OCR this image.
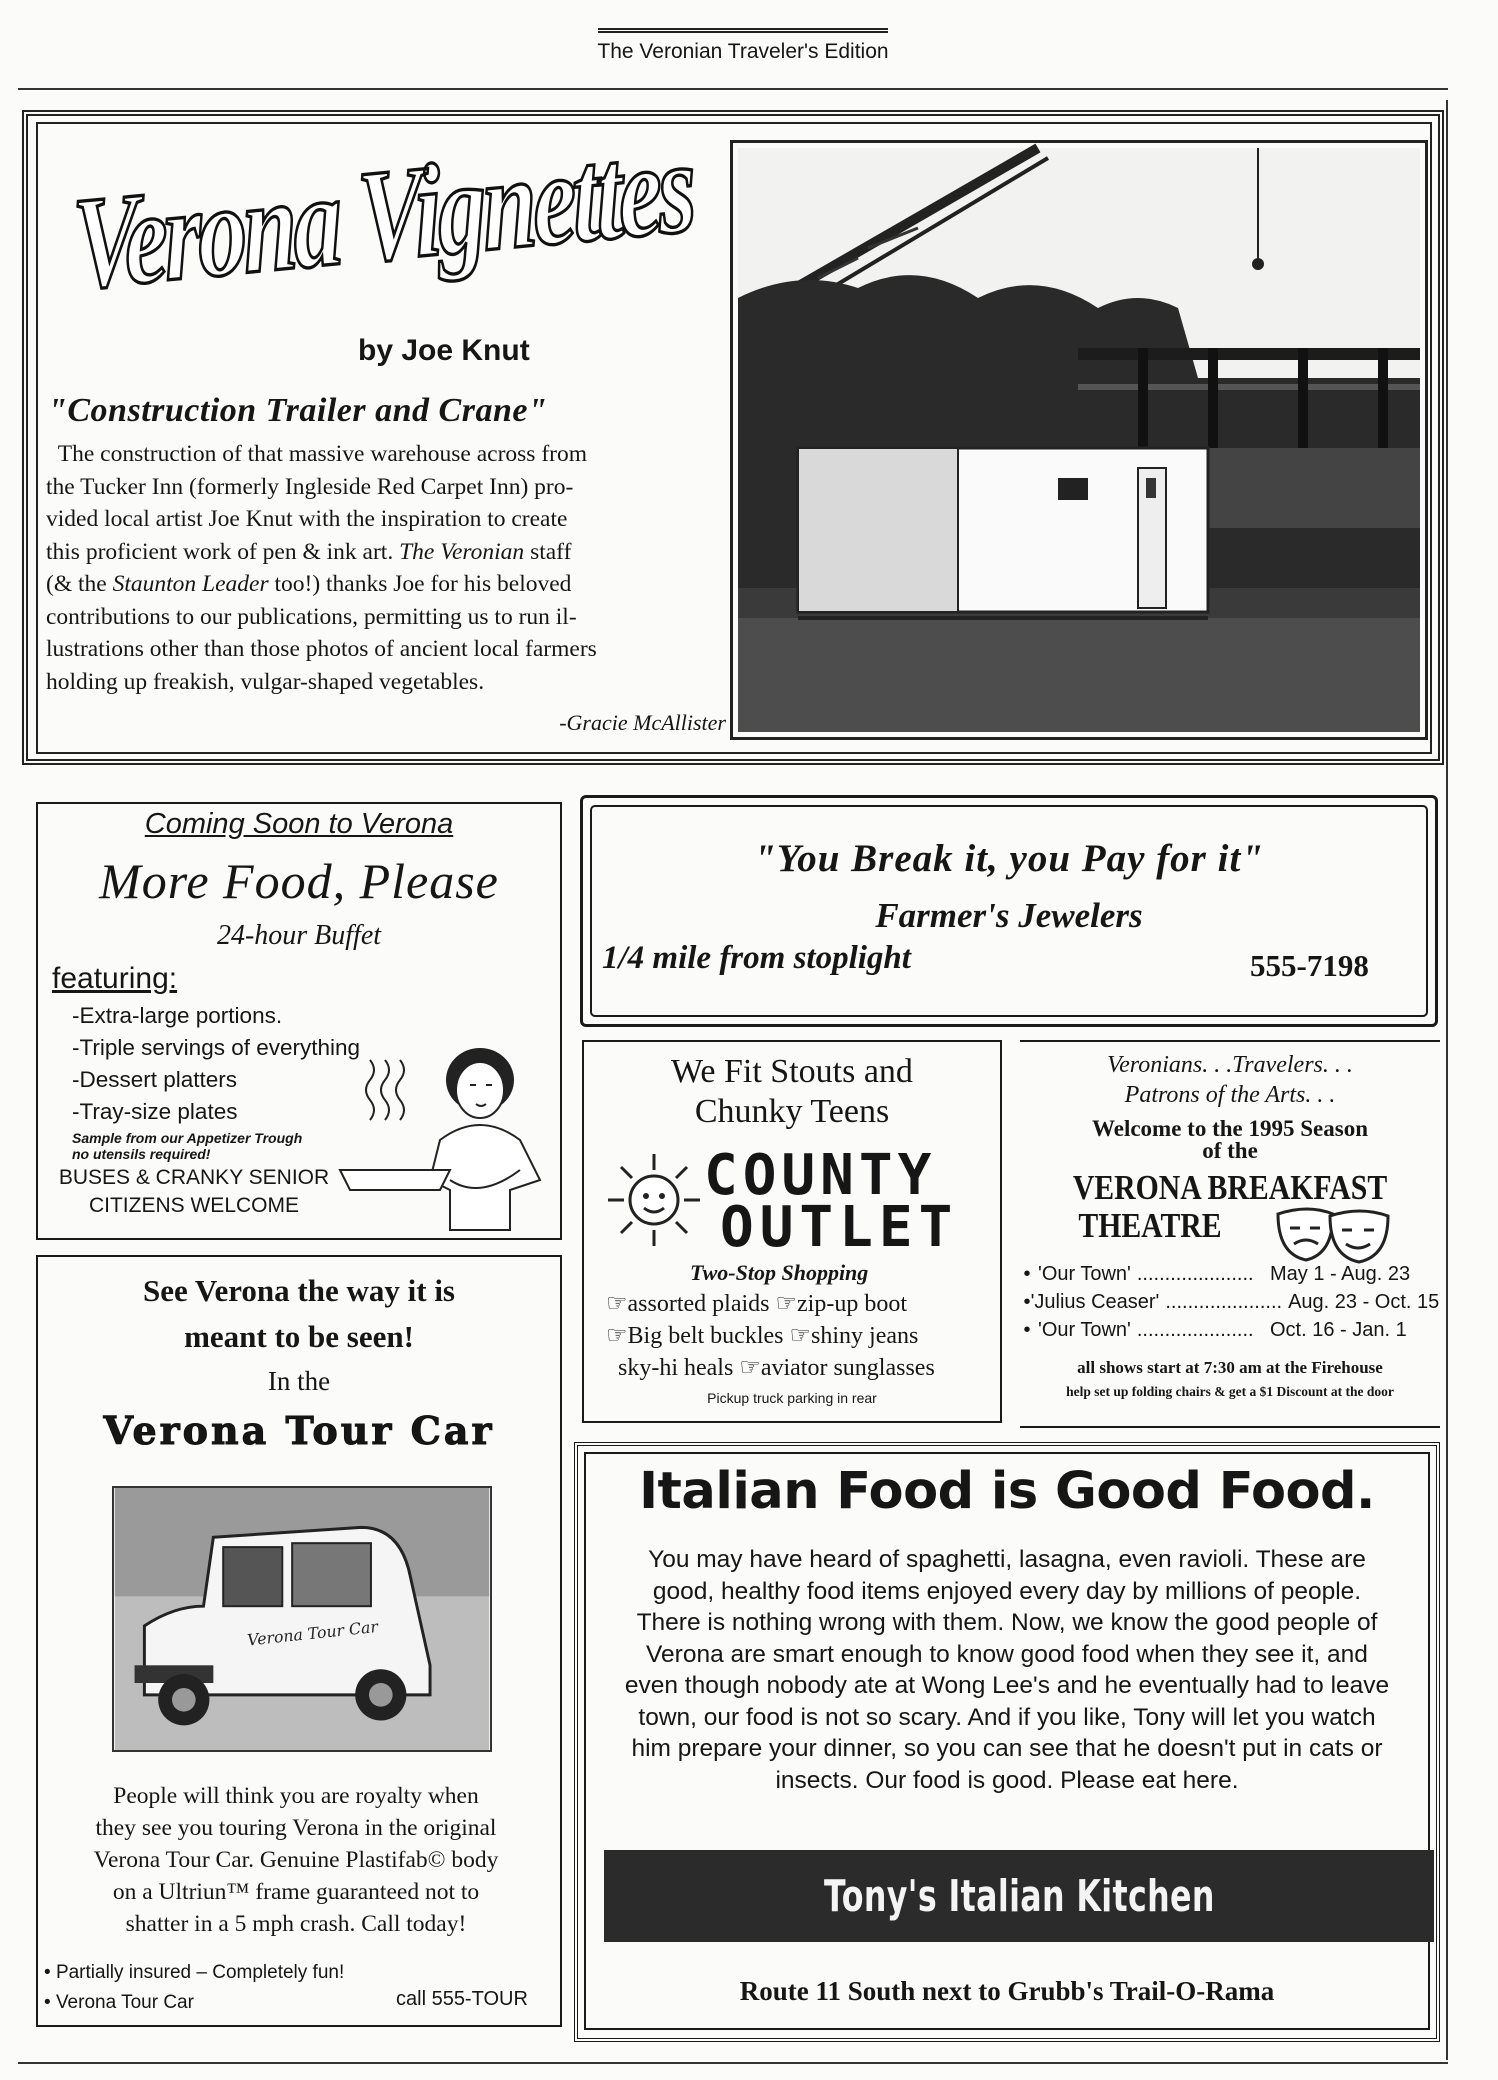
The Veronian Traveler's Edition
Verona Vignettes
by Joe Knut
"Construction Trailer and Crane"
The construction of that massive warehouse across from
the Tucker Inn (formerly Ingleside Red Carpet Inn) pro-
vided local artist Joe Knut with the inspiration to create
this proficient work of pen & ink art. The Veronian staff
(& the Staunton Leader too!) thanks Joe for his beloved
contributions to our publications, permitting us to run il-
lustrations other than those photos of ancient local farmers
holding up freakish, vulgar-shaped vegetables.
-Gracie McAllister
Coming Soon to Verona
More Food, Please
24-hour Buffet
featuring:
-Extra-large portions.
-Triple servings of everything
-Dessert platters
-Tray-size plates
Sample from our Appetizer Trough
no utensils required!
BUSES & CRANKY SENIOR
CITIZENS WELCOME
"You Break it, you Pay for it"
Farmer's Jewelers
1/4 mile from stoplight	555-7198
We Fit Stouts and
Chunky Teens
COUNTY
OUTLET
Two-Stop Shopping
☞assorted plaids ☞zip-up boot
☞Big belt buckles ☞shiny jeans
sky-hi heals ☞aviator sunglasses
Pickup truck parking in rear
Veronians. . .Travelers. . .
Patrons of the Arts. . .
Welcome to the 1995 Season
of the
VERONA BREAKFAST
THEATRE
• 'Our Town' ..................... May 1 - Aug. 23
• 'Julius Ceaser' ..................... Aug. 23 - Oct. 15
• 'Our Town' ..................... Oct. 16 - Jan. 1
all shows start at 7:30 am at the Firehouse
help set up folding chairs & get a $1 Discount at the door
See Verona the way it is
meant to be seen!
In the
Verona Tour Car
Verona Tour Car
People will think you are royalty when
they see you touring Verona in the original
Verona Tour Car. Genuine Plastifab© body
on a Ultriun™ frame guaranteed not to
shatter in a 5 mph crash. Call today!
• Partially insured – Completely fun!
• Verona Tour Car	call 555-TOUR
Italian Food is Good Food.
You may have heard of spaghetti, lasagna, even ravioli. These are
good, healthy food items enjoyed every day by millions of people.
There is nothing wrong with them. Now, we know the good people of
Verona are smart enough to know good food when they see it, and
even though nobody ate at Wong Lee's and he eventually had to leave
town, our food is not so scary. And if you like, Tony will let you watch
him prepare your dinner, so you can see that he doesn't put in cats or
insects. Our food is good. Please eat here.
Tony's Italian Kitchen
Route 11 South next to Grubb's Trail-O-Rama
